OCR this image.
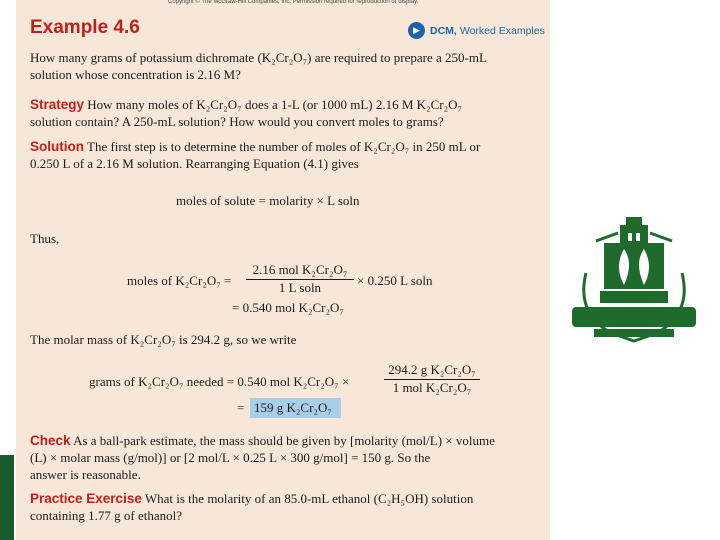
Copyright © The McGraw-Hill Companies, Inc. Permission required for reproduction or display.
Example 4.6	▶ DCM, Worked Examples
How many grams of potassium dichromate (K₂Cr₂O₇) are required to prepare a 250-mL
solution whose concentration is 2.16 M?
Strategy How many moles of K₂Cr₂O₇ does a 1-L (or 1000 mL) 2.16 M K₂Cr₂O₇
solution contain? A 250-mL solution? How would you convert moles to grams?
Solution The first step is to determine the number of moles of K₂Cr₂O₇ in 250 mL or
0.250 L of a 2.16 M solution. Rearranging Equation (4.1) gives
moles of solute = molarity × L soln
Thus,
moles of K₂Cr₂O₇ =
2.16 mol K₂Cr₂O₇
1 L soln	× 0.250 L soln
= 0.540 mol K₂Cr₂O₇
The molar mass of K₂Cr₂O₇ is 294.2 g, so we write
grams of K₂Cr₂O₇ needed = 0.540 mol K₂Cr₂O₇ ×
294.2 g K₂Cr₂O₇
1 mol K₂Cr₂O₇
= 159 g K₂Cr₂O₇
Check As a ball-park estimate, the mass should be given by [molarity (mol/L) × volume
(L) × molar mass (g/mol)] or [2 mol/L × 0.25 L × 300 g/mol] = 150 g. So the
answer is reasonable.
Practice Exercise What is the molarity of an 85.0-mL ethanol (C₂H₅OH) solution
containing 1.77 g of ethanol?
